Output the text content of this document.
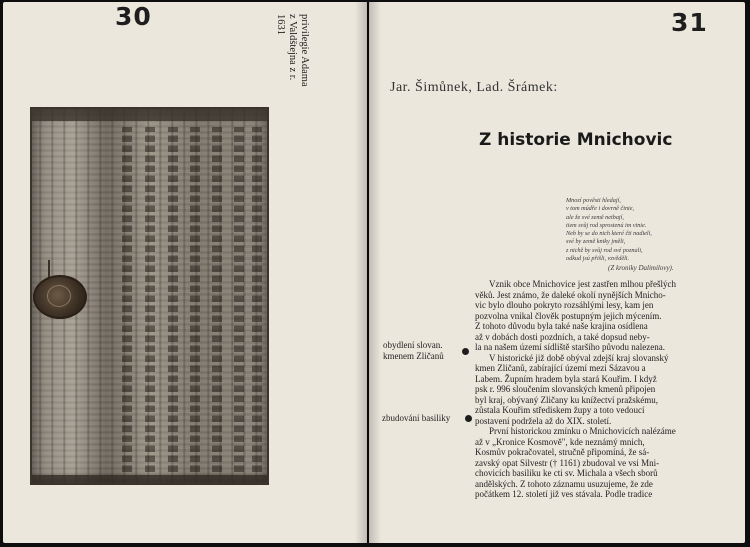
30	privilegie Adama
z Valdštejna z r.
1631	31
Jar. Šimůnek, Lad. Šrámek:
Z historie Mnichovic
Mnozí pověsti hledají,
v tom múdře i dovrně činie,
ale že své země netbají,
tiem svůj rod sprostenú im vinie.
Neb by se do nich které čti nadieli,
své by země kniky jměli,
z nichž by svůj rod své poznali,
odkud jsú přišli, vzvěděli.
(Z kroniky Dalimilovy).
Vznik obce Mnichovice jest zastřen mlhou přešlých
věků. Jest známo, že daleké okolí nynějších Mnicho-
vic bylo dlouho pokryto rozsáhlými lesy, kam jen
pozvolna vnikal člověk postupným jejich mýcením.
Z tohoto důvodu byla také naše krajina osídlena
až v dobách dosti pozdních, a také dopsud neby-
la na našem území sídliště staršího původu nalezena.
V historické již době obýval zdejší kraj slovanský
kmen Zličanů, zabírající území mezi Sázavou a
Labem. Župním hradem byla stará Kouřim. I když
psk r. 996 sloučením slovanských kmenů připojen
byl kraj, obývaný Zličany ku knížectví pražskému,
zůstala Kouřim střediskem župy a toto vedoucí
postavení podržela až do XIX. století.
První historickou zmínku o Mnichovicích nalézáme
až v „Kronice Kosmově", kde neznámý mnich,
Kosmův pokračovatel, stručně připomíná, že sá-
zavský opat Silvestr († 1161) zbudoval ve vsi Mni-
chovicích basiliku ke cti sv. Michala a všech sborů
andělských. Z tohoto záznamu usuzujeme, že zde
počátkem 12. století již ves stávala. Podle tradice
obydlení slovan.
kmenem Zličanů
zbudování basiliky
